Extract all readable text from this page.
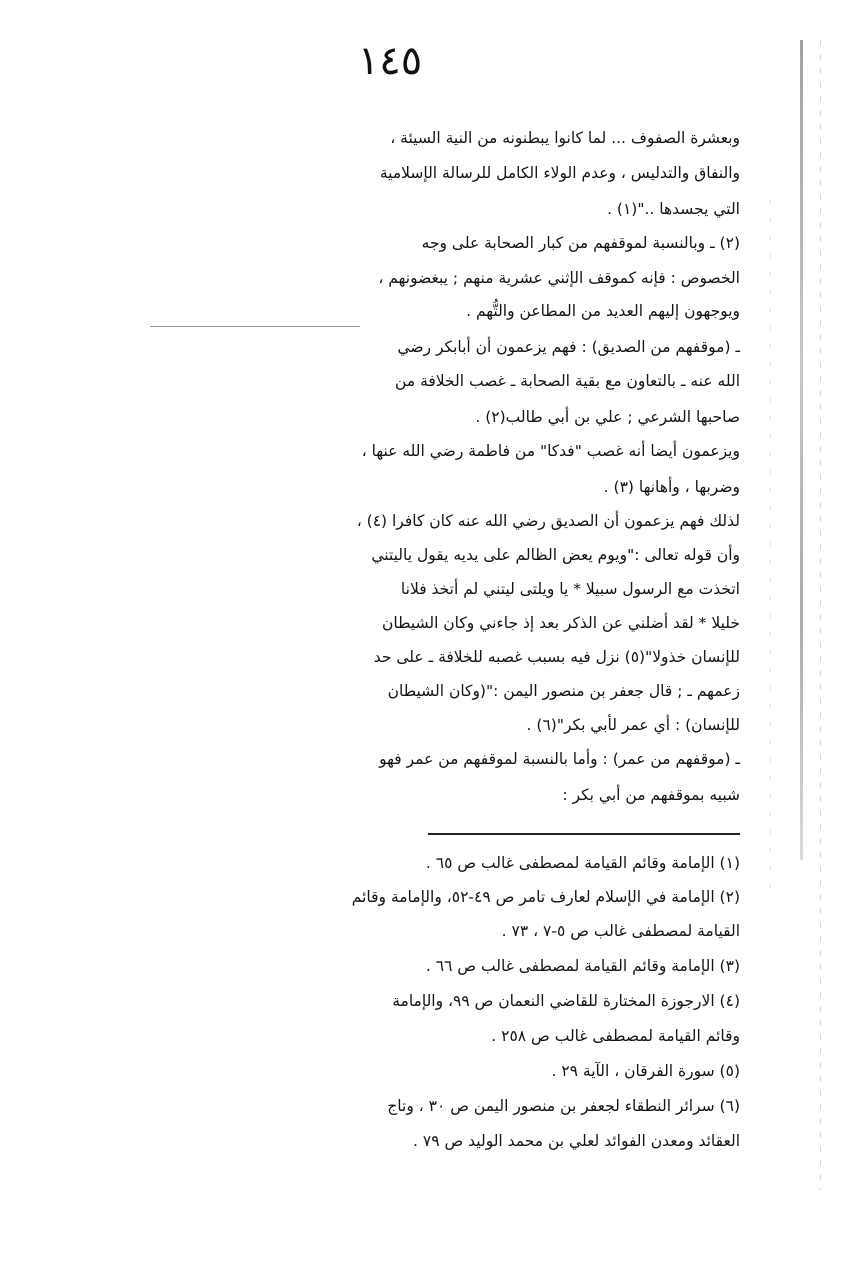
١٤٥
وبعشرة الصفوف ... لما كانوا يبطنونه من النية السيئة ،
والنفاق والتدليس ، وعدم الولاء الكامل للرسالة الإسلامية
التي يجسدها .."(١) .
(٢) ـ وبالنسبة لموقفهم من كبار الصحابة على وجه
الخصوص : فإنه كموقف الإثني عشرية منهم ; يبغضونهم ،
ويوجهون إليهم العديد من المطاعن والتُّهم .
ـ (موقفهم من الصديق) : فهم يزعمون أن أبابكر رضي
الله عنه ـ بالتعاون مع بقية الصحابة ـ غصب الخلافة من
صاحبها الشرعي ; علي بن أبي طالب(٢) .
ويزعمون أيضا أنه غصب "فدكا" من فاطمة رضي الله عنها ،
وضربها ، وأهانها (٣) .
لذلك فهم يزعمون أن الصديق رضي الله عنه كان كافرا (٤) ،
وأن قوله تعالى :"ويوم يعض الظالم على يديه يقول ياليتني
اتخذت مع الرسول سبيلا * يا ويلتى ليتني لم أتخذ فلانا
خليلا * لقد أضلني عن الذكر بعد إذ جاءني وكان الشيطان
للإنسان خذولا"(٥) نزل فيه بسبب غصبه للخلافة ـ على حد
زعمهم ـ ; قال جعفر بن منصور اليمن :"(وكان الشيطان
للإنسان) : أي عمر لأبي بكر"(٦) .
ـ (موقفهم من عمر) : وأما بالنسبة لموقفهم من عمر فهو
شبيه بموقفهم من أبي بكر :
(١) الإمامة وقائم القيامة لمصطفى غالب ص ٦٥ .
(٢) الإمامة في الإسلام لعارف تامر ص ٤٩-٥٢، والإمامة وقائم
القيامة لمصطفى غالب ص ٥-٧ ، ٧٣ .
(٣) الإمامة وقائم القيامة لمصطفى غالب ص ٦٦ .
(٤) الارجوزة المختارة للقاضي النعمان ص ٩٩، والإمامة
وقائم القيامة لمصطفى غالب ص ٢٥٨ .
(٥) سورة الفرقان ، الآية ٢٩ .
(٦) سرائر النطقاء لجعفر بن منصور اليمن ص ٣٠ ، وتاج
العقائد ومعدن الفوائد لعلي بن محمد الوليد ص ٧٩ .
